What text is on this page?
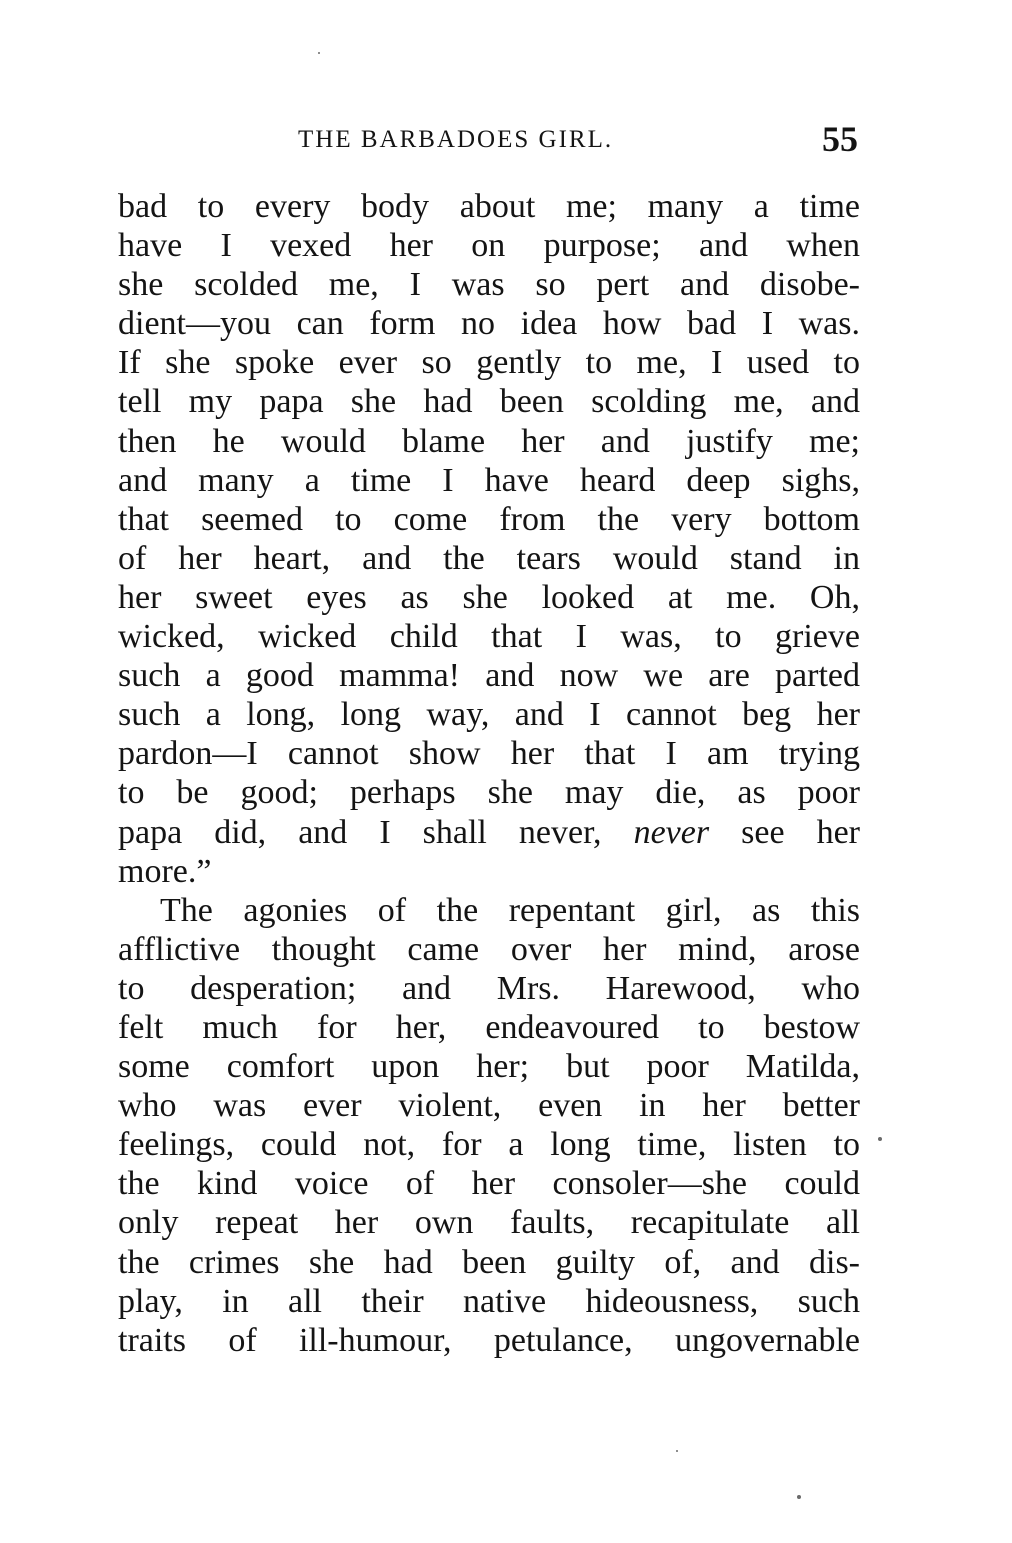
THE BARBADOES GIRL.	55
bad to every body about me; many a time
have I vexed her on purpose; and when
she scolded me, I was so pert and disobe-
dient—you can form no idea how bad I was.
If she spoke ever so gently to me, I used to
tell my papa she had been scolding me, and
then he would blame her and justify me;
and many a time I have heard deep sighs,
that seemed to come from the very bottom
of her heart, and the tears would stand in
her sweet eyes as she looked at me. Oh,
wicked, wicked child that I was, to grieve
such a good mamma! and now we are parted
such a long, long way, and I cannot beg her
pardon—I cannot show her that I am trying
to be good; perhaps she may die, as poor
papa did, and I shall never, never see her
more.”
The agonies of the repentant girl, as this
afflictive thought came over her mind, arose
to desperation; and Mrs. Harewood, who
felt much for her, endeavoured to bestow
some comfort upon her; but poor Matilda,
who was ever violent, even in her better
feelings, could not, for a long time, listen to
the kind voice of her consoler—she could
only repeat her own faults, recapitulate all
the crimes she had been guilty of, and dis-
play, in all their native hideousness, such
traits of ill-humour, petulance, ungovernable
